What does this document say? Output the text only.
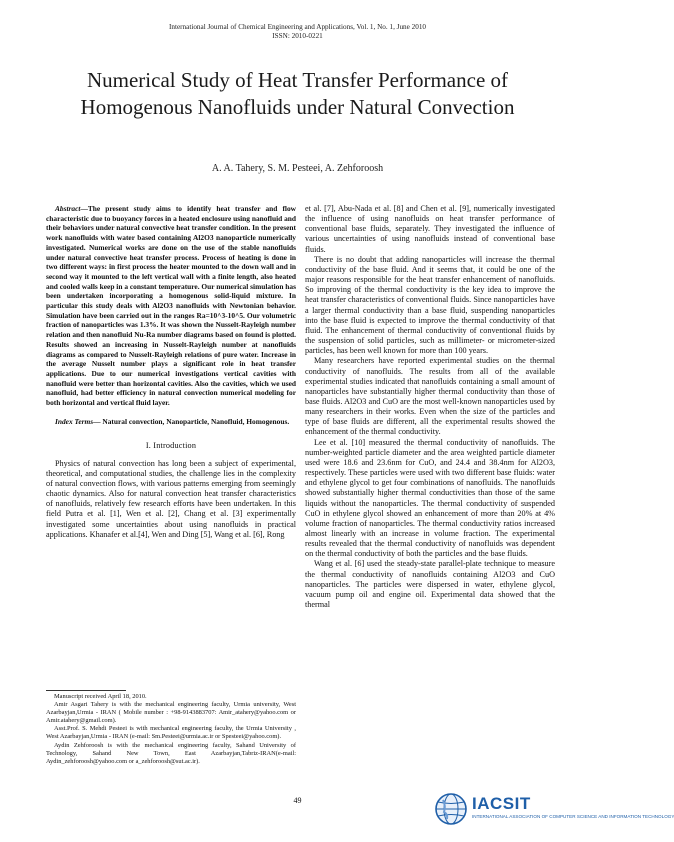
International Journal of Chemical Engineering and Applications, Vol. 1, No. 1, June 2010
ISSN: 2010-0221
Numerical Study of Heat Transfer Performance of Homogenous Nanofluids under Natural Convection
A. A. Tahery, S. M. Pesteei, A. Zehforoosh

Abstract—The present study aims to identify heat transfer and flow characteristic due to buoyancy forces in a heated enclosure using nanofluid and their behaviors under natural convective heat transfer condition. In the present work nanofluids with water based containing Al2O3 nanoparticle numerically investigated. Numerical works are done on the use of the stable nanofluids under natural convective heat transfer process. Process of heating is done in two different ways: in first process the heater mounted to the down wall and in second way it mounted to the left vertical wall with a finite length, also heated and cooled walls keep in a constant temperature. Our numerical simulation has been undertaken incorporating a homogenous solid-liquid mixture. In particular this study deals with Al2O3 nanofluids with Newtonian behavior. Simulation have been carried out in the ranges Ra=10^3-10^5. Our volumetric fraction of nanoparticles was 1.3%. It was shown the Nusselt-Rayleigh number relation and then nanofluid Nu-Ra number diagrams based on found is plotted. Results showed an increasing in Nusselt-Rayleigh number at nanofluids diagrams as compared to Nusselt-Rayleigh relations of pure water. Increase in the average Nusselt number plays a significant role in heat transfer applications. Due to our numerical investigations vertical cavities with nanofluid were better than horizontal cavities. Also the cavities, which we used nanofluid, had better efficiency in natural convection numerical modeling for both horizontal and vertical fluid layer.

Index Terms— Natural convection, Nanoparticle, Nanofluid, Homogenous.

I. Introduction

Physics of natural convection has long been a subject of experimental, theoretical, and computational studies, the challenge lies in the complexity of natural convection flows, with various patterns emerging from seemingly chaotic dynamics. Also for natural convection heat transfer characteristics of nanofluids, relatively few research efforts have been undertaken. In this field Putra et al. [1], Wen et al. [2], Chang et al. [3] experimentally investigated some uncertainties about using nanofluids in practical applications. Khanafer et al.[4], Wen and Ding [5], Wang et al. [6], Rong

Manuscript received April 18, 2010.

Amir Asgari Tahery is with the mechanical engineering faculty, Urmia university, West Azarbayjan,Urmia - IRAN ( Mobile number : +98-9143883707: Amir_atahery@yahoo.com or Amir.atahery@gmail.com).

Asst.Prof. S. Mehdi Pesteei is with mechanical engineering faculty, the Urmia University , West Azarbayjan,Urmia - IRAN (e-mail: Sm.Pesteei@urmia.ac.ir or Spesteei@yahoo.com).

Aydin Zehforoosh is with the mechanical engineering faculty, Sahand University of Technology, Sahand New Town, East Azarbayjan,Tabriz-IRAN(e-mail: Aydin_zehforoosh@yahoo.com or a_zehforoosh@sut.ac.ir).

et al. [7], Abu-Nada et al. [8] and Chen et al. [9], numerically investigated the influence of using nanofluids on heat transfer performance of conventional base fluids, separately. They investigated the influence of various uncertainties of using nanofluids instead of conventional base fluids.

There is no doubt that adding nanoparticles will increase the thermal conductivity of the base fluid. And it seems that, it could be one of the major reasons responsible for the heat transfer enhancement of nanofluids. So improving of the thermal conductivity is the key idea to improve the heat transfer characteristics of conventional fluids. Since nanoparticles have a larger thermal conductivity than a base fluid, suspending nanoparticles into the base fluid is expected to improve the thermal conductivity of that fluid. The enhancement of thermal conductivity of conventional fluids by the suspension of solid particles, such as millimeter- or micrometer-sized particles, has been well known for more than 100 years.

Many researchers have reported experimental studies on the thermal conductivity of nanofluids. The results from all of the available experimental studies indicated that nanofluids containing a small amount of nanoparticles have substantially higher thermal conductivity than those of base fluids. Al2O3 and CuO are the most well-known nanoparticles used by many researchers in their works. Even when the size of the particles and type of base fluids are different, all the experimental results showed the enhancement of the thermal conductivity.

Lee et al. [10] measured the thermal conductivity of nanofluids. The number-weighted particle diameter and the area weighted particle diameter used were 18.6 and 23.6nm for CuO, and 24.4 and 38.4nm for Al2O3, respectively. These particles were used with two different base fluids: water and ethylene glycol to get four combinations of nanofluids. The nanofluids showed substantially higher thermal conductivities than those of the same liquids without the nanoparticles. The thermal conductivity of suspended CuO in ethylene glycol showed an enhancement of more than 20% at 4% volume fraction of nanoparticles. The thermal conductivity ratios increased almost linearly with an increase in volume fraction. The experimental results revealed that the thermal conductivity of nanofluids was dependent on the thermal conductivity of both the particles and the base fluids.

Wang et al. [6] used the steady-state parallel-plate technique to measure the thermal conductivity of nanofluids containing Al2O3 and CuO nanoparticles. The particles were dispersed in water, ethylene glycol, vacuum pump oil and engine oil. Experimental data showed that the thermal

49	IACSIT
INTERNATIONAL ASSOCIATION OF COMPUTER SCIENCE AND INFORMATION TECHNOLOGY
